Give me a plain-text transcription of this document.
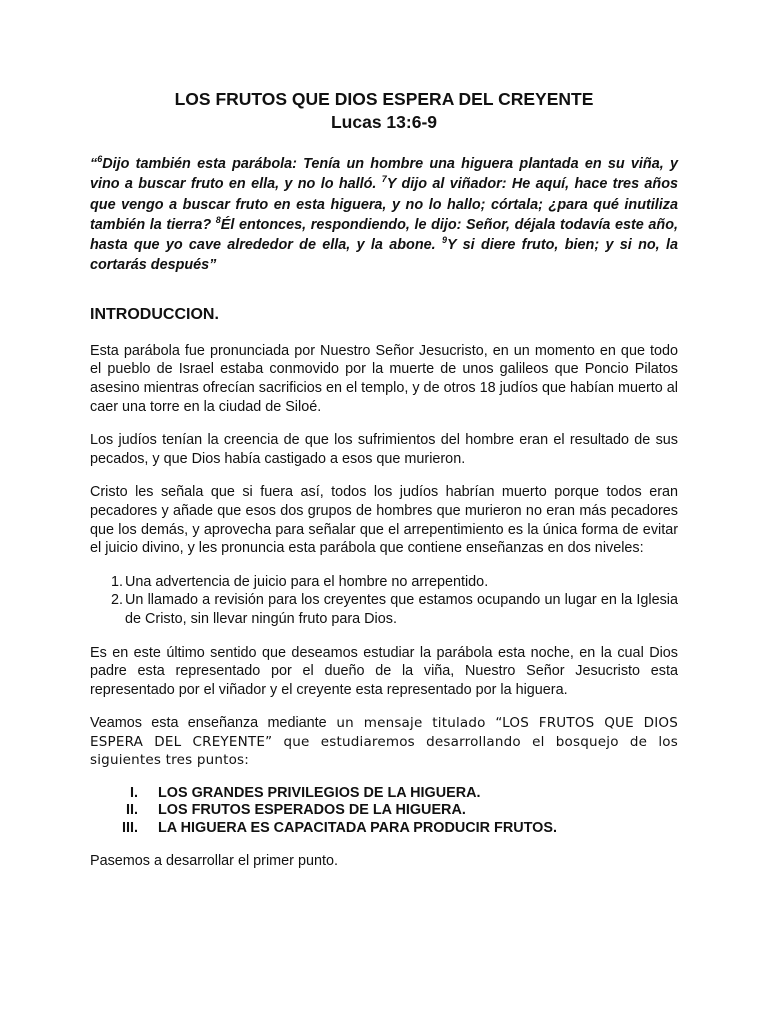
LOS FRUTOS QUE DIOS ESPERA DEL CREYENTE
Lucas 13:6-9

“$^6$Dijo también esta parábola: Tenía un hombre una higuera plantada en su viña, y vino a buscar fruto en ella, y no lo halló. $^7$Y dijo al viñador: He aquí, hace tres años que vengo a buscar fruto en esta higuera, y no lo hallo; córtala; ¿para qué inutiliza también la tierra? $^8$Él entonces, respondiendo, le dijo: Señor, déjala todavía este año, hasta que yo cave alrededor de ella, y la abone. $^9$Y si diere fruto, bien; y si no, la cortarás después”

INTRODUCCION.

Esta parábola fue pronunciada por Nuestro Señor Jesucristo, en un momento en que todo el pueblo de Israel estaba conmovido por la muerte de unos galileos que Poncio Pilatos asesino mientras ofrecían sacrificios en el templo, y de otros 18 judíos que habían muerto al caer una torre en la ciudad de Siloé.

Los judíos tenían la creencia de que los sufrimientos del hombre eran el resultado de sus pecados, y que Dios había castigado a esos que murieron.

Cristo les señala que si fuera así, todos los judíos habrían muerto porque todos eran pecadores y añade que esos dos grupos de hombres que murieron no eran más pecadores que los demás, y aprovecha para señalar que el arrepentimiento es la única forma de evitar el juicio divino, y les pronuncia esta parábola que contiene enseñanzas en dos niveles:

1. Una advertencia de juicio para el hombre no arrepentido.
2. Un llamado a revisión para los creyentes que estamos ocupando un lugar en la Iglesia de Cristo, sin llevar ningún fruto para Dios.

Es en este último sentido que deseamos estudiar la parábola esta noche, en la cual Dios padre esta representado por el dueño de la viña, Nuestro Señor Jesucristo esta representado por el viñador y el creyente esta representado por la higuera.

Veamos esta enseñanza mediante un mensaje titulado “LOS FRUTOS QUE DIOS ESPERA DEL CREYENTE” que estudiaremos desarrollando el bosquejo de los siguientes tres puntos:

I. LOS GRANDES PRIVILEGIOS DE LA HIGUERA.
II. LOS FRUTOS ESPERADOS DE LA HIGUERA.
III. LA HIGUERA ES CAPACITADA PARA PRODUCIR FRUTOS.

Pasemos a desarrollar el primer punto.
